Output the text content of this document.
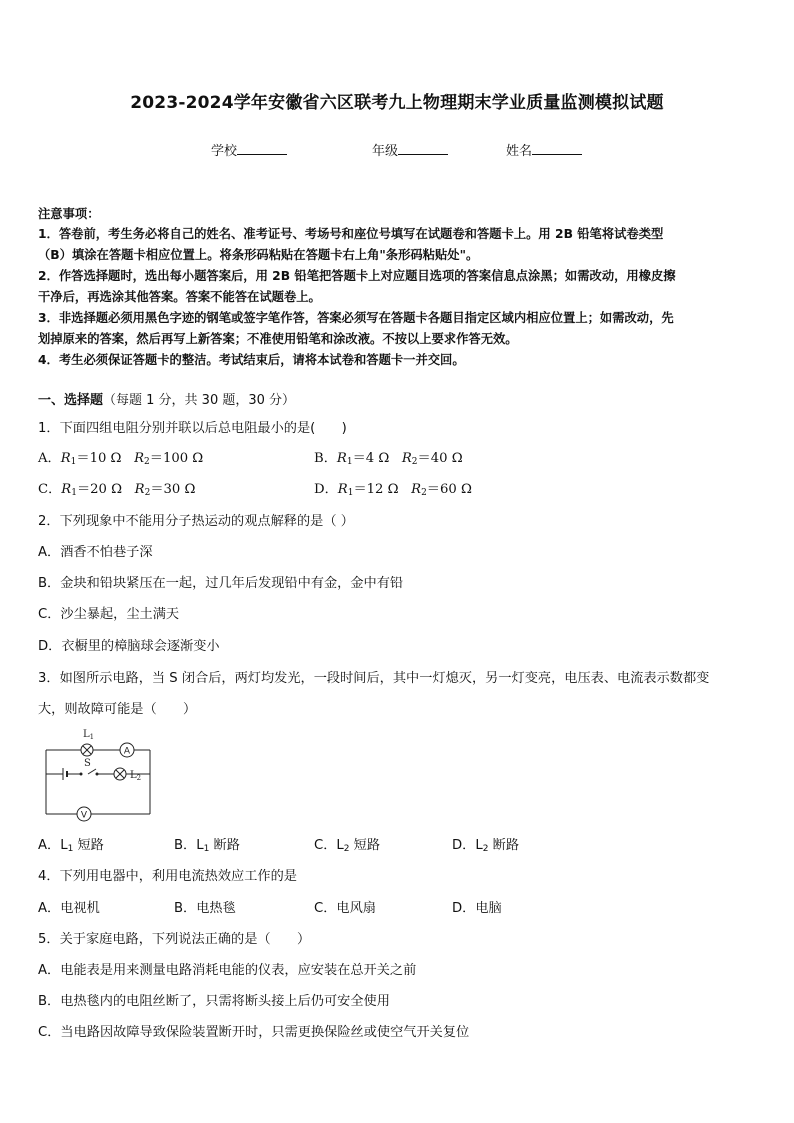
2023-2024学年安徽省六区联考九上物理期末学业质量监测模拟试题
学校	年级	姓名
注意事项：
1．答卷前，考生务必将自己的姓名、准考证号、考场号和座位号填写在试题卷和答题卡上。用 2B 铅笔将试卷类型
（B）填涂在答题卡相应位置上。将条形码粘贴在答题卡右上角"条形码粘贴处"。
2．作答选择题时，选出每小题答案后，用 2B 铅笔把答题卡上对应题目选项的答案信息点涂黑；如需改动，用橡皮擦
干净后，再选涂其他答案。答案不能答在试题卷上。
3．非选择题必须用黑色字迹的钢笔或签字笔作答，答案必须写在答题卡各题目指定区域内相应位置上；如需改动，先
划掉原来的答案，然后再写上新答案；不准使用铅笔和涂改液。不按以上要求作答无效。
4．考生必须保证答题卡的整洁。考试结束后，请将本试卷和答题卡一并交回。
一、选择题（每题 1 分，共 30 题，30 分）
1．下面四组电阻分别并联以后总电阻最小的是(　　)
A．$R_1=10$ Ω $R_2=100$ Ω	B．$R_1=4$ Ω $R_2=40$ Ω
C．$R_1=20$ Ω $R_2=30$ Ω	D．$R_1=12$ Ω $R_2=60$ Ω
2．下列现象中不能用分子热运动的观点解释的是（ ）
A．酒香不怕巷子深
B．金块和铅块紧压在一起，过几年后发现铅中有金，金中有铅
C．沙尘暴起，尘土满天
D．衣橱里的樟脑球会逐渐变小
3．如图所示电路，当 S 闭合后，两灯均发光，一段时间后，其中一灯熄灭，另一灯变亮，电压表、电流表示数都变
大，则故障可能是（　　）
A
V
$L_1$
$L_2$
S
A．$L_1$ 短路	B．$L_1$ 断路	C．$L_2$ 短路	D．$L_2$ 断路
4．下列用电器中，利用电流热效应工作的是
A．电视机	B．电热毯	C．电风扇	D．电脑
5．关于家庭电路，下列说法正确的是（　　）
A．电能表是用来测量电路消耗电能的仪表，应安装在总开关之前
B．电热毯内的电阻丝断了，只需将断头接上后仍可安全使用
C．当电路因故障导致保险装置断开时，只需更换保险丝或使空气开关复位
